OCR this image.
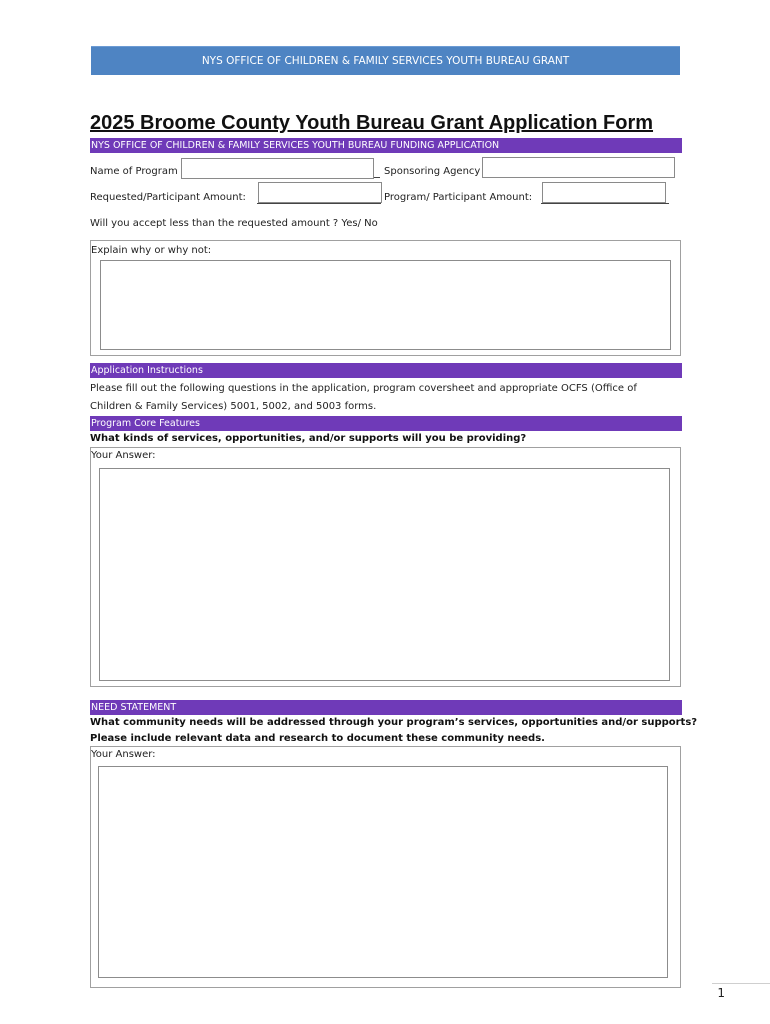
NYS OFFICE OF CHILDREN & FAMILY SERVICES YOUTH BUREAU GRANT
2025 Broome County Youth Bureau Grant Application Form
NYS OFFICE OF CHILDREN & FAMILY SERVICES YOUTH BUREAU FUNDING APPLICATION
Name of Program	Sponsoring Agency
Requested/Participant Amount:	Program/ Participant Amount:
Will you accept less than the requested amount ? Yes/ No
Explain why or why not:
Application Instructions
Please fill out the following questions in the application, program coversheet and appropriate OCFS (Office of
Children & Family Services) 5001, 5002, and 5003 forms.
Program Core Features
What kinds of services, opportunities, and/or supports will you be providing?
Your Answer:
NEED STATEMENT
What community needs will be addressed through your program’s services, opportunities and/or supports?
Please include relevant data and research to document these community needs.
Your Answer:
1
